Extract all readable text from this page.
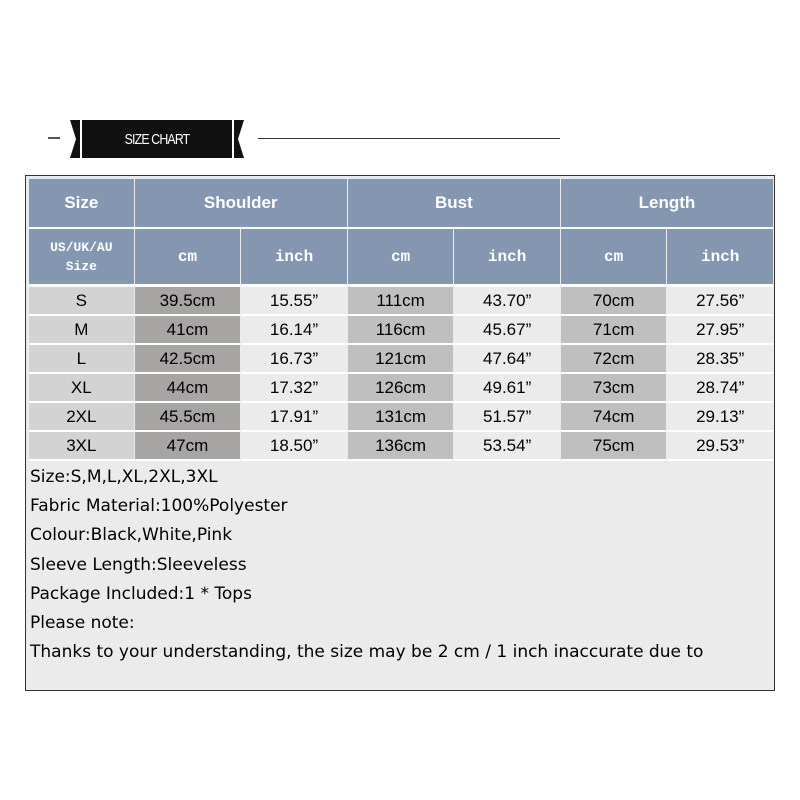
SIZE CHART
Size	Shoulder		Bust		Length	
US/UK/AU
Size	cm	inch	cm	inch	cm	inch
S	39.5cm	15.55”	111cm	43.70”	70cm	27.56”
M	41cm	16.14”	116cm	45.67”	71cm	27.95”
L	42.5cm	16.73”	121cm	47.64”	72cm	28.35”
XL	44cm	17.32”	126cm	49.61”	73cm	28.74”
2XL	45.5cm	17.91”	131cm	51.57”	74cm	29.13”
3XL	47cm	18.50”	136cm	53.54”	75cm	29.53”
Size:S,M,L,XL,2XL,3XL
Fabric Material:100%Polyester
Colour:Black,White,Pink
Sleeve Length:Sleeveless
Package Included:1 * Tops
Please note:
Thanks to your understanding, the size may be 2 cm / 1 inch inaccurate due to
